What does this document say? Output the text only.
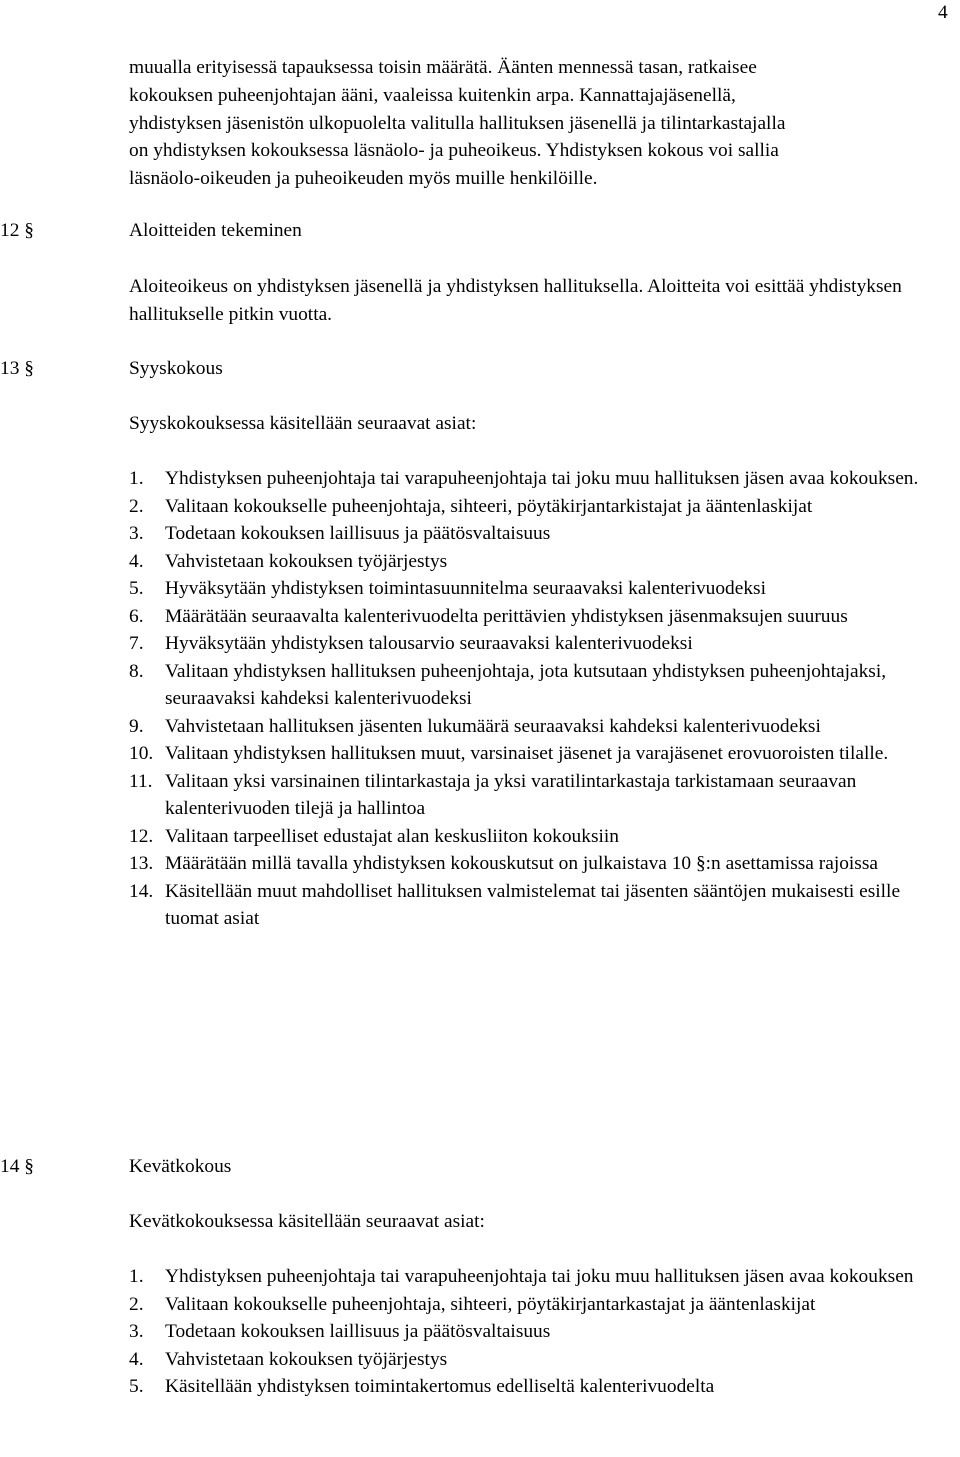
4

muualla erityisessä tapauksessa toisin määrätä. Äänten mennessä tasan, ratkaisee

kokouksen puheenjohtajan ääni, vaaleissa kuitenkin arpa. Kannattajajäsenellä,

yhdistyksen jäsenistön ulkopuolelta valitulla hallituksen jäsenellä ja tilintarkastajalla

on yhdistyksen kokouksessa läsnäolo- ja puheoikeus. Yhdistyksen kokous voi sallia

läsnäolo-oikeuden ja puheoikeuden myös muille henkilöille.

12 §	Aloitteiden tekeminen

Aloiteoikeus on yhdistyksen jäsenellä ja yhdistyksen hallituksella. Aloitteita voi esittää yhdistyksen hallitukselle pitkin vuotta.

13 §	Syyskokous

Syyskokouksessa käsitellään seuraavat asiat:

1. Yhdistyksen puheenjohtaja tai varapuheenjohtaja tai joku muu hallituksen jäsen avaa kokouksen.
2. Valitaan kokoukselle puheenjohtaja, sihteeri, pöytäkirjantarkistajat ja ääntenlaskijat
3. Todetaan kokouksen laillisuus ja päätösvaltaisuus
4. Vahvistetaan kokouksen työjärjestys
5. Hyväksytään yhdistyksen toimintasuunnitelma seuraavaksi kalenterivuodeksi
6. Määrätään seuraavalta kalenterivuodelta perittävien yhdistyksen jäsenmaksujen suuruus
7. Hyväksytään yhdistyksen talousarvio seuraavaksi kalenterivuodeksi
8. Valitaan yhdistyksen hallituksen puheenjohtaja, jota kutsutaan yhdistyksen puheenjohtajaksi, seuraavaksi kahdeksi kalenterivuodeksi
9. Vahvistetaan hallituksen jäsenten lukumäärä seuraavaksi kahdeksi kalenterivuodeksi
10. Valitaan yhdistyksen hallituksen muut, varsinaiset jäsenet ja varajäsenet erovuoroisten tilalle.
11. Valitaan yksi varsinainen tilintarkastaja ja yksi varatilintarkastaja tarkistamaan seuraavan kalenterivuoden tilejä ja hallintoa
12. Valitaan tarpeelliset edustajat alan keskusliiton kokouksiin
13. Määrätään millä tavalla yhdistyksen kokouskutsut on julkaistava 10 §:n asettamissa rajoissa
14. Käsitellään muut mahdolliset hallituksen valmistelemat tai jäsenten sääntöjen mukaisesti esille tuomat asiat
14 §	Kevätkokous

Kevätkokouksessa käsitellään seuraavat asiat:

1. Yhdistyksen puheenjohtaja tai varapuheenjohtaja tai joku muu hallituksen jäsen avaa kokouksen
2. Valitaan kokoukselle puheenjohtaja, sihteeri, pöytäkirjantarkastajat ja ääntenlaskijat
3. Todetaan kokouksen laillisuus ja päätösvaltaisuus
4. Vahvistetaan kokouksen työjärjestys
5. Käsitellään yhdistyksen toimintakertomus edelliseltä kalenterivuodelta
